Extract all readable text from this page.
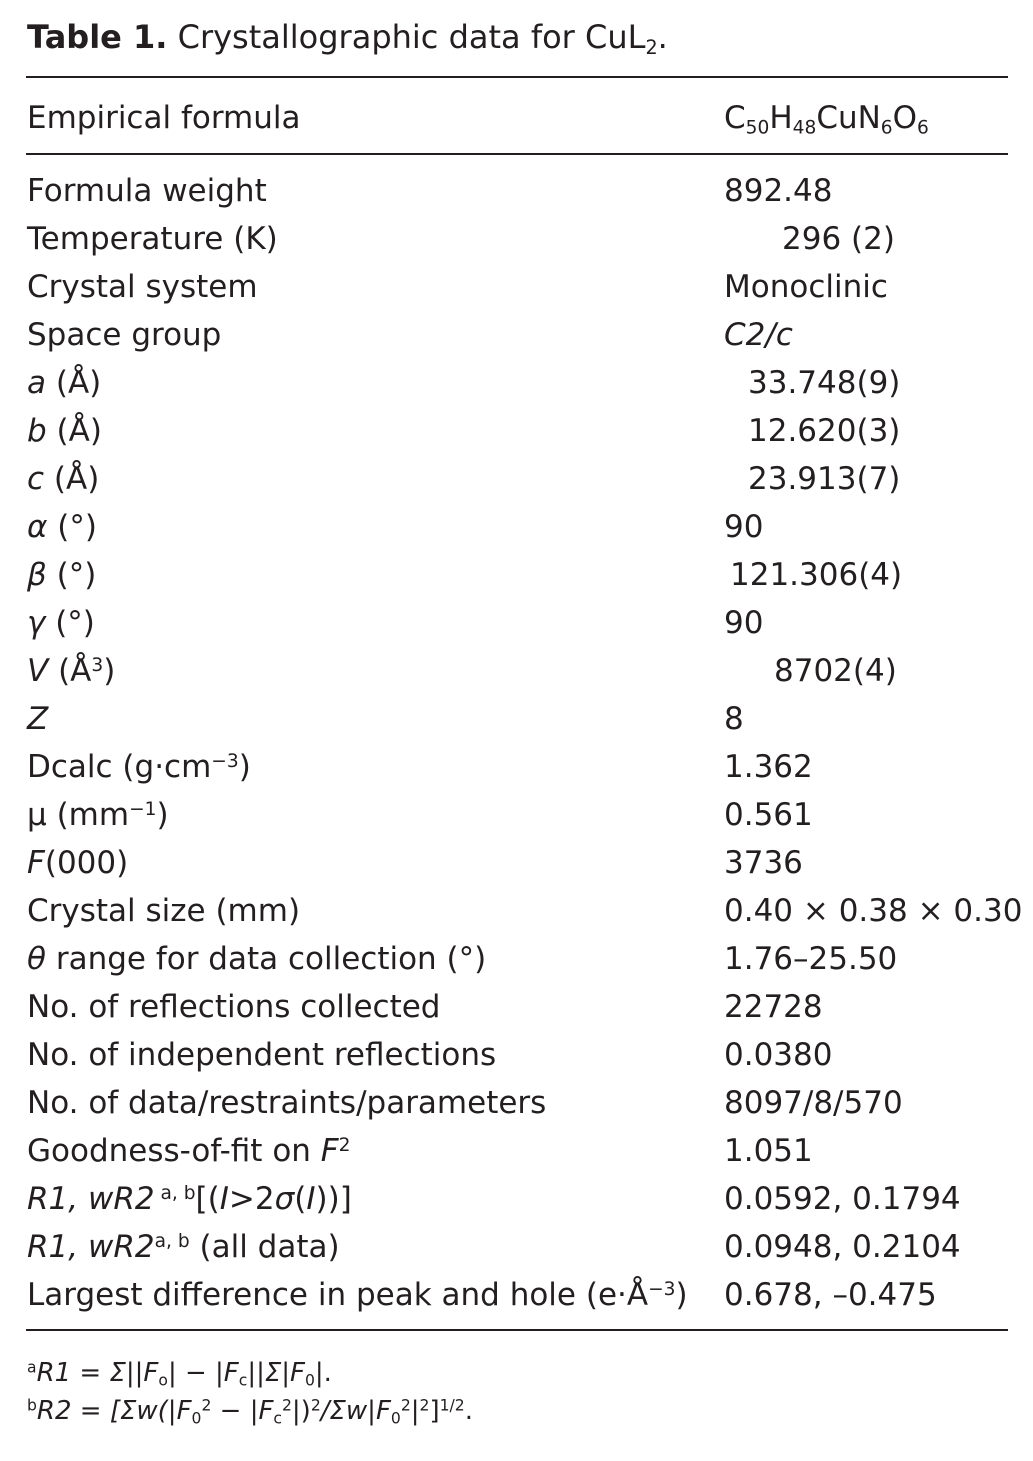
Table 1. Crystallographic data for CuL$_2$.
Empirical formula	$C_{50}H_{48}CuN_6O_6$
Formula weight	892.48
Temperature (K)	296 (2)
Crystal system	Monoclinic
Space group	C2/c
a (Å)	33.748(9)
b (Å)	12.620(3)
c (Å)	23.913(7)
α (°)	90
β (°)	121.306(4)
γ (°)	90
V $(Å^3)$	8702(4)
Z	8
Dcalc $(g\cdot cm^{-3})$	1.362
μ $(mm^{-1})$	0.561
F(000)	3736
Crystal size (mm)	0.40 × 0.38 × 0.30
θ range for data collection (°)	1.76–25.50
No. of reflections collected	22728
No. of independent reflections	0.0380
No. of data/restraints/parameters	8097/8/570
Goodness-of-fit on $F^2$	1.051
R1, wR2 $^{a, b}$[(I>2σ(I))]	0.0592, 0.1794
R1, wR2$^{a, b}$ (all data)	0.0948, 0.2104
Largest difference in peak and hole $(e\cdot Å^{-3})$ 0.678, –0.475
$^aR1 = \Sigma||F_o| - |F_c||\Sigma|F_0|$.
$^bR2 = [\Sigma w(|F_0^2 - |F_c^2|)^2/\Sigma w|F_0^2|^2]^{1/2}$.
